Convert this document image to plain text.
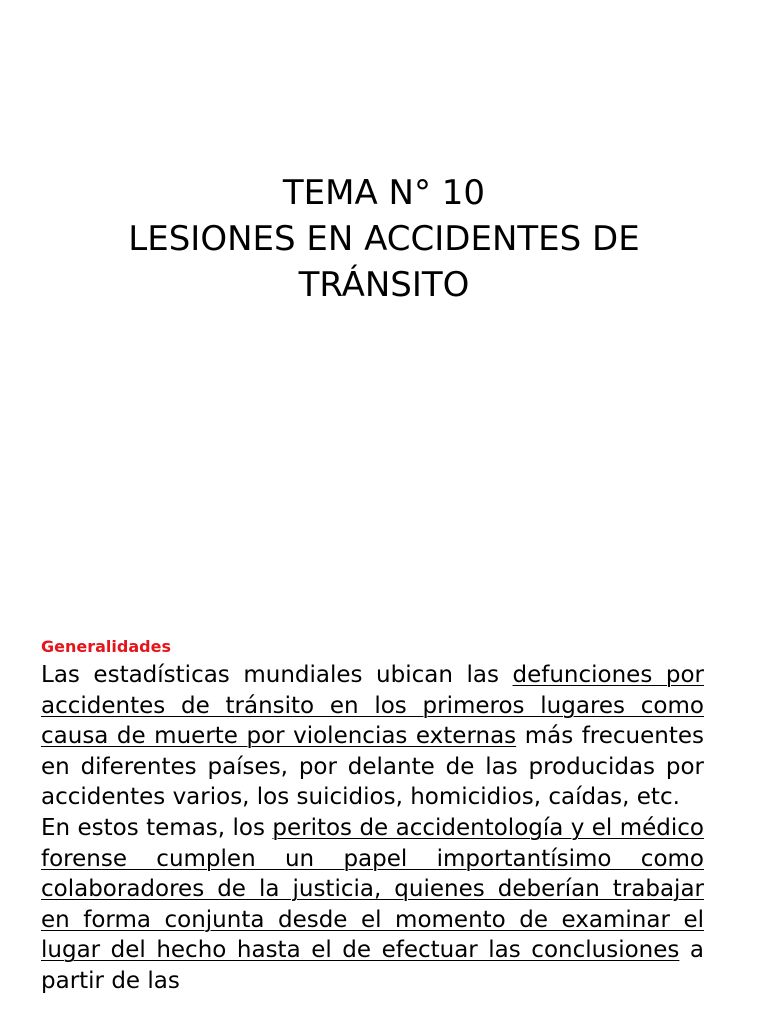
TEMA N° 10
LESIONES EN ACCIDENTES DE
TRÁNSITO
Generalidades

Las estadísticas mundiales ubican las defunciones por accidentes de tránsito en los primeros lugares como causa de muerte por violencias externas más frecuentes en diferentes países, por delante de las producidas por accidentes varios, los suicidios, homicidios, caídas, etc.

En estos temas, los peritos de accidentología y el médico forense cumplen un papel importantísimo como colaboradores de la justicia, quienes deberían trabajar en forma conjunta desde el momento de examinar el lugar del hecho hasta el de efectuar las conclusiones a partir de las
